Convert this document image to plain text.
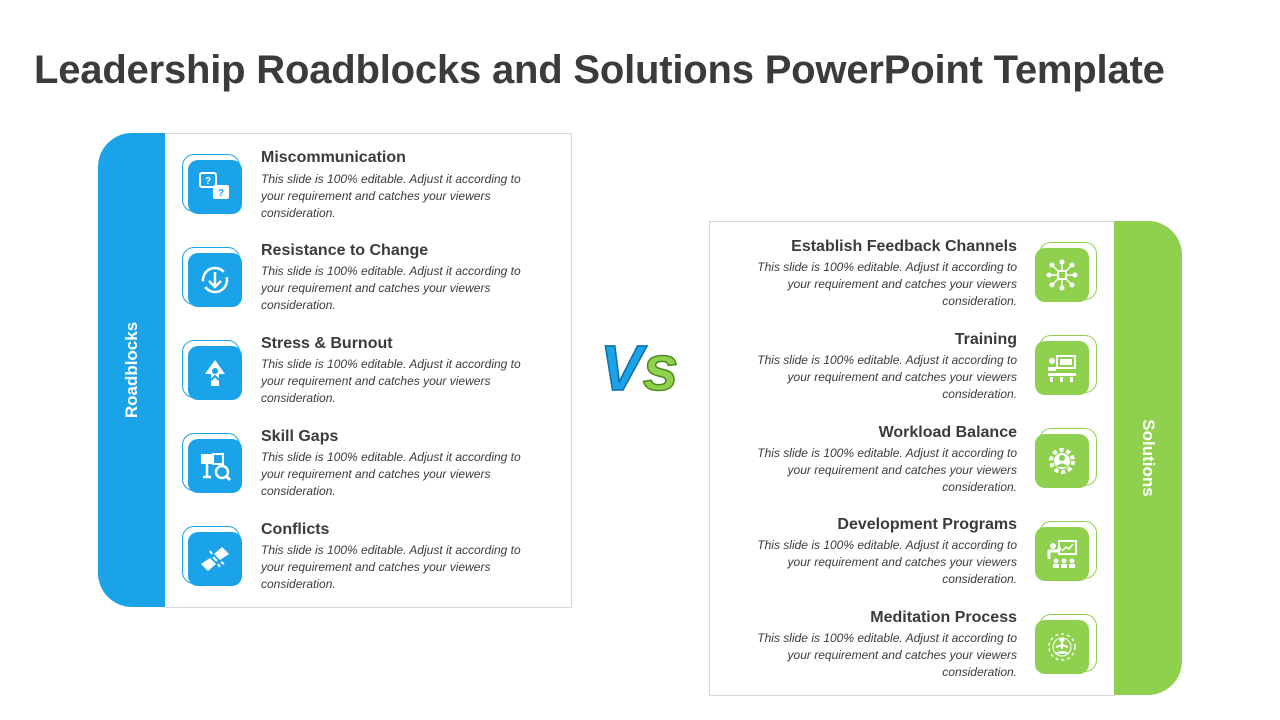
Leadership Roadblocks and Solutions PowerPoint Template
Roadblocks
?
?
Miscommunication
This slide is 100% editable. Adjust it according to your requirement and catches your viewers consideration.
Resistance to Change
This slide is 100% editable. Adjust it according to your requirement and catches your viewers consideration.
Stress & Burnout
This slide is 100% editable. Adjust it according to your requirement and catches your viewers consideration.
Skill Gaps
This slide is 100% editable. Adjust it according to your requirement and catches your viewers consideration.
Conflicts
This slide is 100% editable. Adjust it according to your requirement and catches your viewers consideration.
Vs
Solutions
Establish Feedback Channels
This slide is 100% editable. Adjust it according to your requirement and catches your viewers consideration.
Training
This slide is 100% editable. Adjust it according to your requirement and catches your viewers consideration.
Workload Balance
This slide is 100% editable. Adjust it according to your requirement and catches your viewers consideration.
Development Programs
This slide is 100% editable. Adjust it according to your requirement and catches your viewers consideration.
Meditation Process
This slide is 100% editable. Adjust it according to your requirement and catches your viewers consideration.
